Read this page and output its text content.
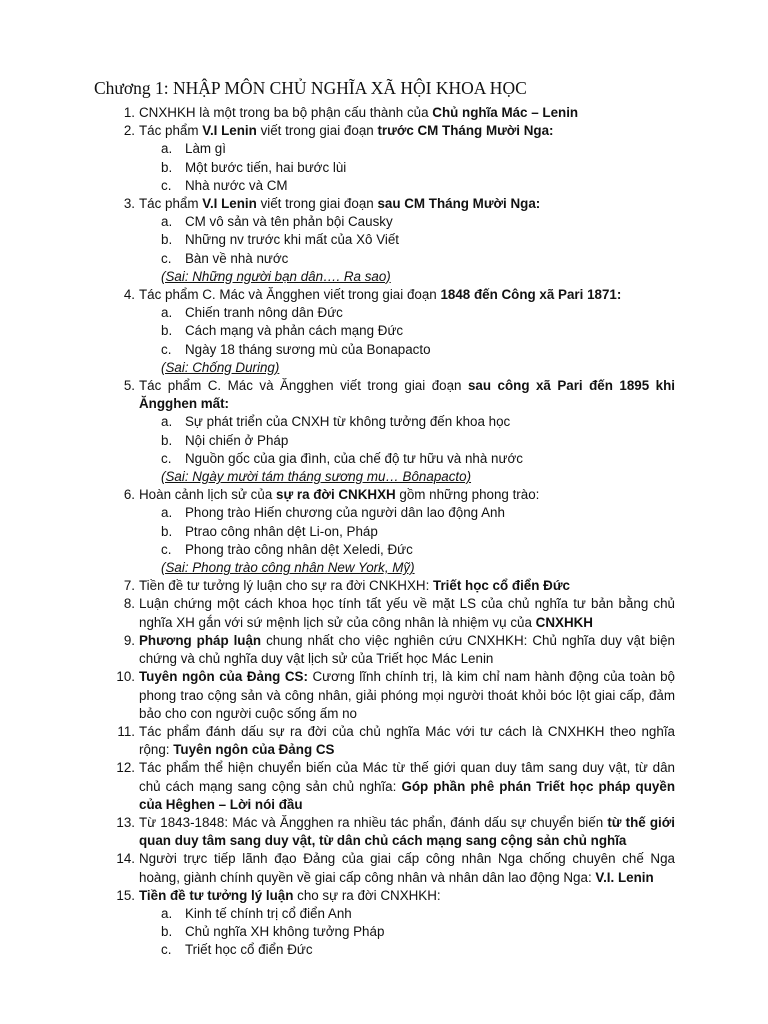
Chương 1: NHẬP MÔN CHỦ NGHĨA XÃ HỘI KHOA HỌC
1. CNXHKH là một trong ba bộ phận cấu thành của Chủ nghĩa Mác – Lenin
2. Tác phẩm V.I Lenin viết trong giai đoạn trước CM Tháng Mười Nga:
a. Làm gì
b. Một bước tiến, hai bước lùi
c. Nhà nước và CM
3. Tác phẩm V.I Lenin viết trong giai đoạn sau CM Tháng Mười Nga:
a. CM vô sản và tên phản bội Causky
b. Những nv trước khi mất của Xô Viết
c. Bàn về nhà nước
(Sai: Những người bạn dân…. Ra sao)
4. Tác phẩm C. Mác và Ăngghen viết trong giai đoạn 1848 đến Công xã Pari 1871:
a. Chiến tranh nông dân Đức
b. Cách mạng và phản cách mạng Đức
c. Ngày 18 tháng sương mù của Bonapacto
(Sai: Chống During)
5. Tác phẩm C. Mác và Ăngghen viết trong giai đoạn sau công xã Pari đến 1895 khi Ăngghen mất:
a. Sự phát triển của CNXH từ không tưởng đến khoa học
b. Nội chiến ở Pháp
c. Nguồn gốc của gia đình, của chế độ tư hữu và nhà nước
(Sai: Ngày mười tám tháng sương mu… Bônapacto)
6. Hoàn cảnh lịch sử của sự ra đời CNKHXH gồm những phong trào:
a. Phong trào Hiến chương của người dân lao động Anh
b. Ptrao công nhân dệt Li-on, Pháp
c. Phong trào công nhân dệt Xeledi, Đức
(Sai: Phong trào công nhân New York, Mỹ)
7. Tiền đề tư tưởng lý luận cho sự ra đời CNKHXH: Triết học cổ điển Đức
8. Luận chứng một cách khoa học tính tất yếu về mặt LS của chủ nghĩa tư bản bằng chủ nghĩa XH gắn với sứ mệnh lịch sử của công nhân là nhiệm vụ của CNXHKH
9. Phương pháp luận chung nhất cho việc nghiên cứu CNXHKH: Chủ nghĩa duy vật biện chứng và chủ nghĩa duy vật lịch sử của Triết học Mác Lenin
10. Tuyên ngôn của Đảng CS: Cương lĩnh chính trị, là kim chỉ nam hành động của toàn bộ phong trao cộng sản và công nhân, giải phóng mọi người thoát khỏi bóc lột giai cấp, đảm bảo cho con người cuộc sống ấm no
11. Tác phẩm đánh dấu sự ra đời của chủ nghĩa Mác với tư cách là CNXHKH theo nghĩa rộng: Tuyên ngôn của Đảng CS
12. Tác phẩm thể hiện chuyển biến của Mác từ thế giới quan duy tâm sang duy vật, từ dân chủ cách mạng sang cộng sản chủ nghĩa: Góp phần phê phán Triết học pháp quyền của Hêghen – Lời nói đầu
13. Từ 1843-1848: Mác và Ăngghen ra nhiều tác phẩn, đánh dấu sự chuyển biến từ thế giới quan duy tâm sang duy vật, từ dân chủ cách mạng sang cộng sản chủ nghĩa
14. Người trực tiếp lãnh đạo Đảng của giai cấp công nhân Nga chống chuyên chế Nga hoàng, giành chính quyền về giai cấp công nhân và nhân dân lao động Nga: V.I. Lenin
15. Tiền đề tư tưởng lý luận cho sự ra đời CNXHKH:
a. Kinh tế chính trị cổ điển Anh
b. Chủ nghĩa XH không tưởng Pháp
c. Triết học cổ điển Đức
